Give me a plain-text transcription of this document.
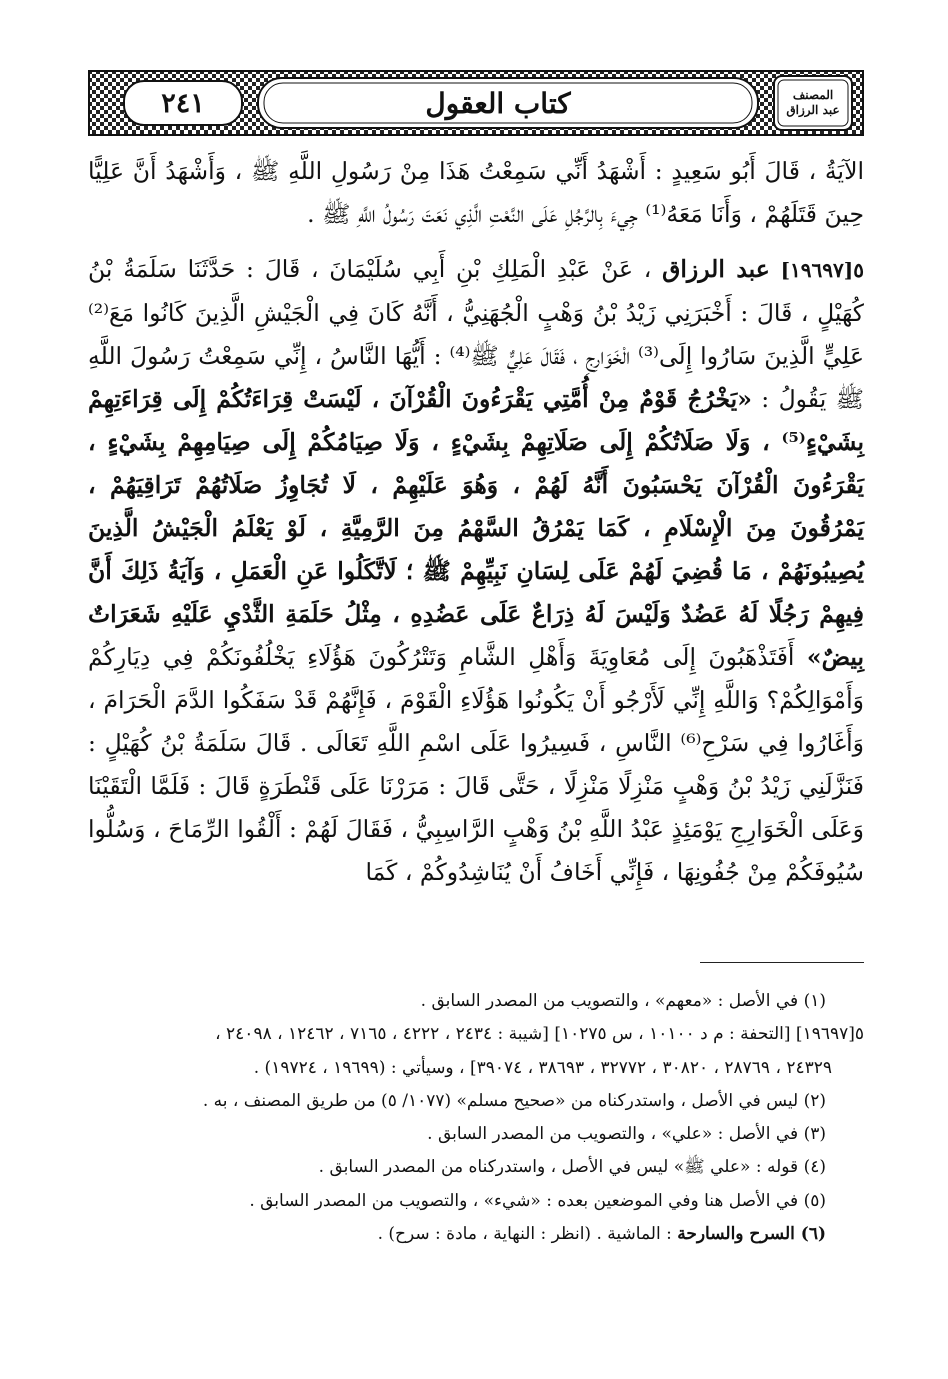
٢٤١	كتاب العقول	المصنف
عبد الرزاق

الآيَةُ ، قَالَ أَبُو سَعِيدٍ : أَشْهَدُ أَنِّي سَمِعْتُ هَذَا مِنْ رَسُولِ اللَّهِ ﷺ ، وَأَشْهَدُ أَنَّ عَلِيًّا حِينَ قَتَلَهُمْ ، وَأَنَا مَعَهُ⁽¹⁾ جِيءَ بِالرَّجُلِ عَلَى النَّعْتِ الَّذِي نَعَتَ رَسُولُ اللَّهِ ﷺ .

٥[١٩٦٩٧] عبد الرزاق ، عَنْ عَبْدِ الْمَلِكِ بْنِ أَبِي سُلَيْمَانَ ، قَالَ : حَدَّثَنَا سَلَمَةُ بْنُ كُهَيْلٍ ، قَالَ : أَخْبَرَنِي زَيْدُ بْنُ وَهْبٍ الْجُهَنِيُّ ، أَنَّهُ كَانَ فِي الْجَيْشِ الَّذِينَ كَانُوا مَعَ⁽²⁾ عَلِيٍّ الَّذِينَ سَارُوا إِلَى⁽³⁾ الْخَوَارِجِ ، فَقَالَ عَلِيٌّ ﷺ⁽⁴⁾ : أَيُّهَا النَّاسُ ، إِنِّي سَمِعْتُ رَسُولَ اللَّهِ ﷺ يَقُولُ : «يَخْرُجُ قَوْمٌ مِنْ أُمَّتِي يَقْرَءُونَ الْقُرْآنَ ، لَيْسَتْ قِرَاءَتُكُمْ إِلَى قِرَاءَتِهِمْ بِشَيْءٍ⁽⁵⁾ ، وَلَا صَلَاتُكُمْ إِلَى صَلَاتِهِمْ بِشَيْءٍ ، وَلَا صِيَامُكُمْ إِلَى صِيَامِهِمْ بِشَيْءٍ ، يَقْرَءُونَ الْقُرْآنَ يَحْسَبُونَ أَنَّهُ لَهُمْ ، وَهُوَ عَلَيْهِمْ ، لَا تُجَاوِزُ صَلَاتُهُمْ تَرَاقِيَهُمْ ، يَمْرُقُونَ مِنَ الْإِسْلَامِ ، كَمَا يَمْرُقُ السَّهْمُ مِنَ الرَّمِيَّةِ ، لَوْ يَعْلَمُ الْجَيْشُ الَّذِينَ يُصِيبُونَهُمْ ، مَا قُضِيَ لَهُمْ عَلَى لِسَانِ نَبِيِّهِمْ ﷺ ؛ لَاتَّكَلُوا عَنِ الْعَمَلِ ، وَآيَةُ ذَلِكَ أَنَّ فِيهِمْ رَجُلًا لَهُ عَضُدٌ وَلَيْسَ لَهُ ذِرَاعٌ عَلَى عَضُدِهِ ، مِثْلُ حَلَمَةِ الثَّدْيِ عَلَيْهِ شَعَرَاتٌ بِيضٌ» أَفَتَذْهَبُونَ إِلَى مُعَاوِيَةَ وَأَهْلِ الشَّامِ وَتَتْرُكُونَ هَؤُلَاءِ يَخْلُفُونَكُمْ فِي دِيَارِكُمْ وَأَمْوَالِكُمْ؟ وَاللَّهِ إِنِّي لَأَرْجُو أَنْ يَكُونُوا هَؤُلَاءِ الْقَوْمَ ، فَإِنَّهُمْ قَدْ سَفَكُوا الدَّمَ الْحَرَامَ ، وَأَغَارُوا فِي سَرْحِ⁽⁶⁾ النَّاسِ ، فَسِيرُوا عَلَى اسْمِ اللَّهِ تَعَالَى . قَالَ سَلَمَةُ بْنُ كُهَيْلٍ : فَنَزَّلَنِي زَيْدُ بْنُ وَهْبٍ مَنْزِلًا مَنْزِلًا ، حَتَّى قَالَ : مَرَرْنَا عَلَى قَنْطَرَةٍ قَالَ : فَلَمَّا الْتَقَيْنَا وَعَلَى الْخَوَارِجِ يَوْمَئِذٍ عَبْدُ اللَّهِ بْنُ وَهْبٍ الرَّاسِبِيُّ ، فَقَالَ لَهُمْ : أَلْقُوا الرِّمَاحَ ، وَسُلُّوا سُيُوفَكُمْ مِنْ جُفُونِهَا ، فَإِنِّي أَخَافُ أَنْ يُنَاشِدُوكُمْ ، كَمَا

(١) في الأصل : «معهم» ، والتصويب من المصدر السابق .

٥[١٩٦٩٧] [التحفة : م د ١٠١٠٠ ، س ١٠٢٧٥] [شيبة : ٢٤٣٤ ، ٤٢٢٢ ، ٧١٦٥ ، ١٢٤٦٢ ، ٢٤٠٩٨ ،

٢٤٣٢٩ ، ٢٨٧٦٩ ، ٣٠٨٢٠ ، ٣٢٧٧٢ ، ٣٨٦٩٣ ، ٣٩٠٧٤] ، وسيأتي : (١٩٦٩٩ ، ١٩٧٢٤) .

(٢) ليس في الأصل ، واستدركناه من «صحيح مسلم» (١٠٧٧/ ٥) من طريق المصنف ، به .

(٣) في الأصل : «علي» ، والتصويب من المصدر السابق .

(٤) قوله : «علي ﷺ» ليس في الأصل ، واستدركناه من المصدر السابق .

(٥) في الأصل هنا وفي الموضعين بعده : «شيء» ، والتصويب من المصدر السابق .

(٦) السرح والسارحة : الماشية . (انظر : النهاية ، مادة : سرح) .
